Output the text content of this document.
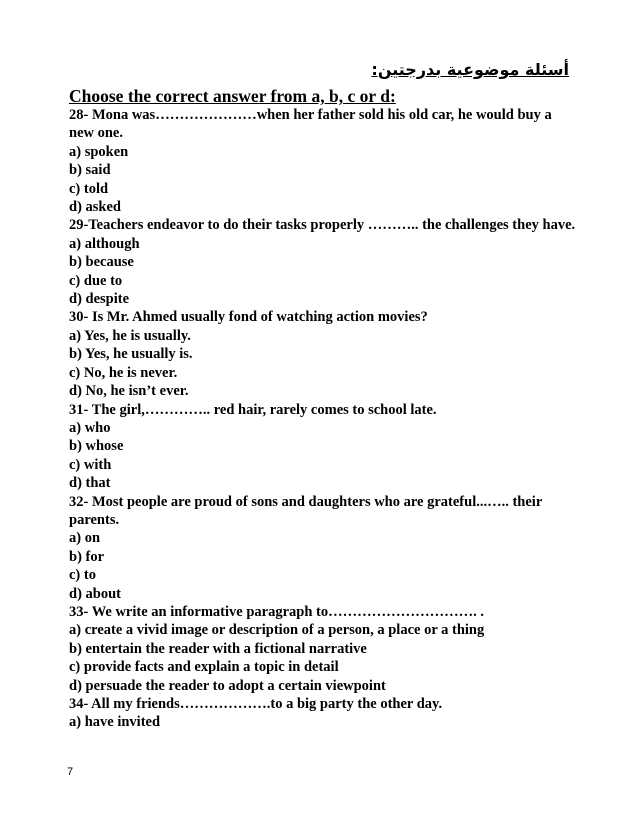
أسئلة موضوعية بدرجتين:
Choose the correct answer from a, b, c or d:

28- Mona was…………………when her father sold his old car, he would buy a new one.

a) spoken

b) said

c) told

d) asked

29-Teachers endeavor to do their tasks properly ……….. the challenges they have.

a) although

b) because

c) due to

d) despite

30- Is Mr. Ahmed usually fond of watching action movies?

a) Yes, he is usually.

b) Yes, he usually is.

c) No, he is never.

d) No, he isn’t ever.

31- The girl,………….. red hair, rarely comes to school late.

a) who

b) whose

c) with

d) that

32- Most people are proud of sons and daughters who are grateful...….. their parents.

a) on

b) for

c) to

d) about

33- We write an informative paragraph to…………………………. .

a) create a vivid image or description of a person, a place or a thing

b) entertain the reader with a fictional narrative

c) provide facts and explain a topic in detail

d) persuade the reader to adopt a certain viewpoint

34- All my friends……………….to a big party the other day.

a) have invited

7
